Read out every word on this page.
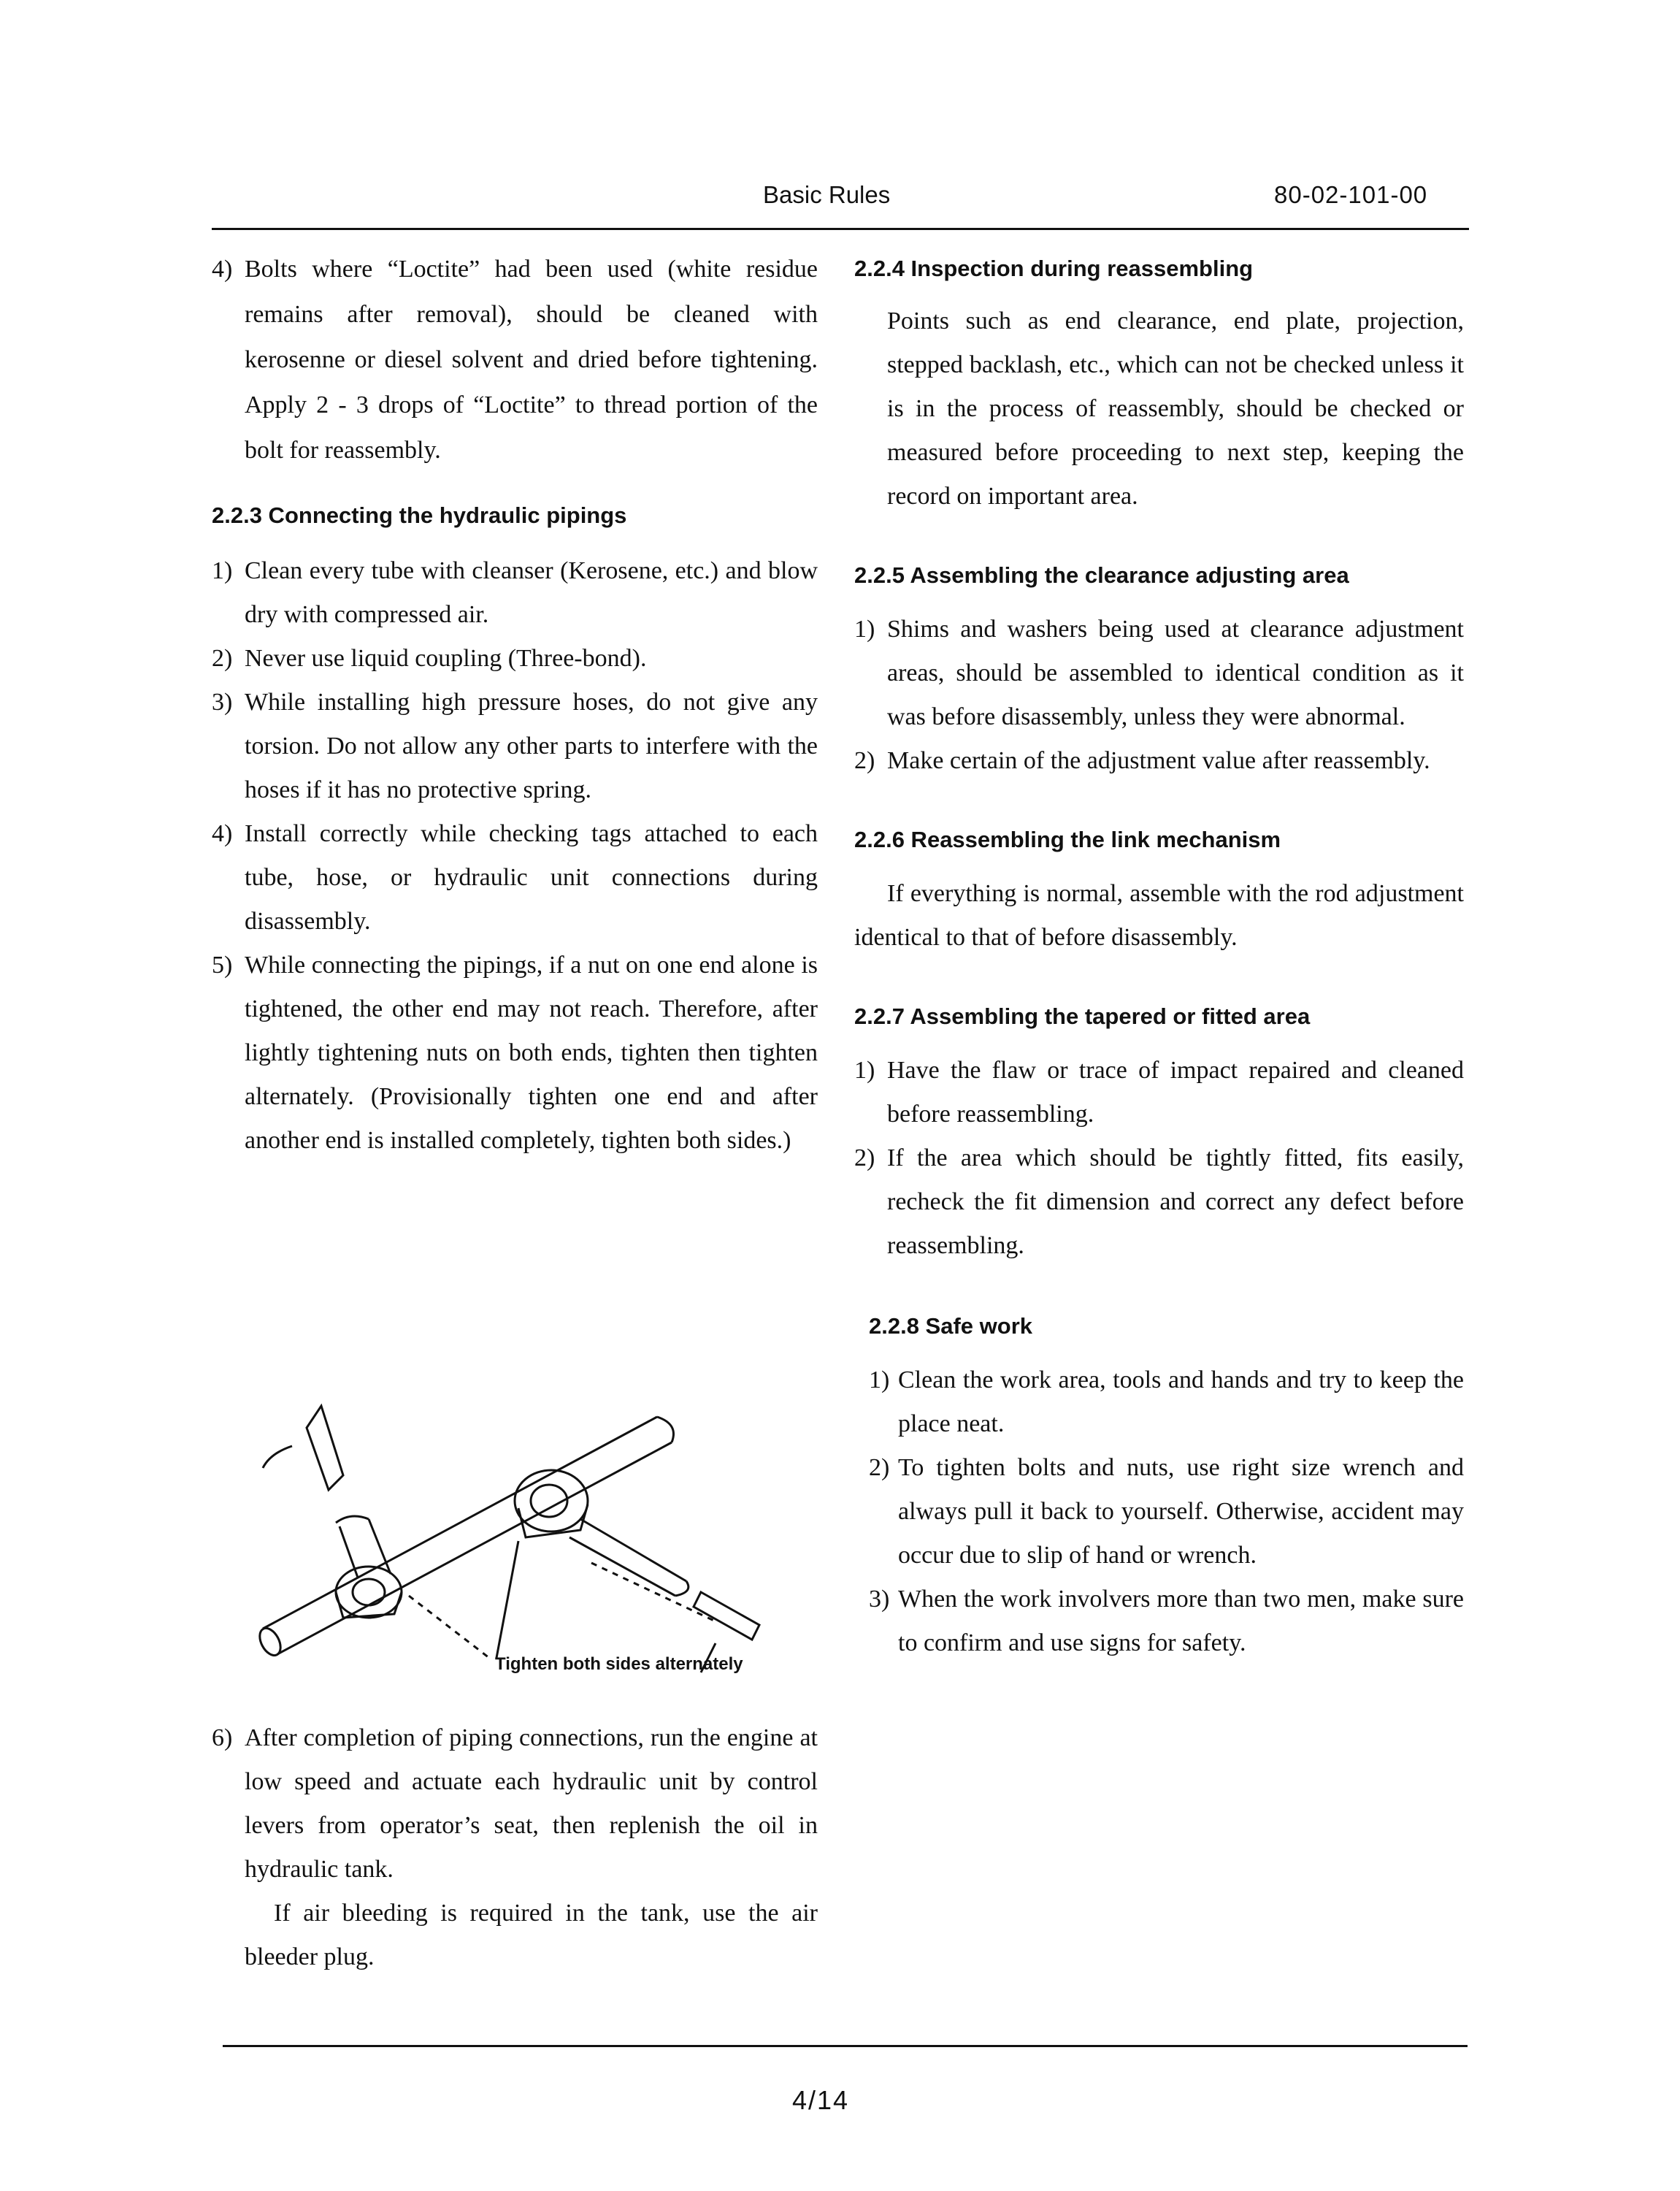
Basic Rules	80-02-101-00
4) Bolts where “Loctite” had been used (white residue remains after removal), should be cleaned with kerosenne or diesel solvent and dried before tightening. Apply 2 - 3 drops of “Loctite” to thread portion of the bolt for reassembly.
2.2.3 Connecting the hydraulic pipings
1) Clean every tube with cleanser (Kerosene, etc.) and blow dry with compressed air.
2) Never use liquid coupling (Three-bond).
3) While installing high pressure hoses, do not give any torsion. Do not allow any other parts to interfere with the hoses if it has no protective spring.
4) Install correctly while checking tags attached to each tube, hose, or hydraulic unit connections during disassembly.
5) While connecting the pipings, if a nut on one end alone is tightened, the other end may not reach. Therefore, after lightly tightening nuts on both ends, tighten then tighten alternately. (Provisionally tighten one end and after another end is installed completely, tighten both sides.)
Tighten both sides alternately
6) After completion of piping connections, run the engine at low speed and actuate each hydraulic unit by control levers from operator’s seat, then replenish the oil in hydraulic tank.
If air bleeding is required in the tank, use the air bleeder plug.
2.2.4 Inspection during reassembling
Points such as end clearance, end plate, projection, stepped backlash, etc., which can not be checked unless it is in the process of reassembly, should be checked or measured before proceeding to next step, keeping the record on important area.
2.2.5 Assembling the clearance adjusting area
1) Shims and washers being used at clearance adjustment areas, should be assembled to identical condition as it was before disassembly, unless they were abnormal.
2) Make certain of the adjustment value after reassembly.
2.2.6 Reassembling the link mechanism
If everything is normal, assemble with the rod adjustment identical to that of before disassembly.
2.2.7 Assembling the tapered or fitted area
1) Have the flaw or trace of impact repaired and cleaned before reassembling.
2) If the area which should be tightly fitted, fits easily, recheck the fit dimension and correct any defect before reassembling.
2.2.8 Safe work
1) Clean the work area, tools and hands and try to keep the place neat.
2) To tighten bolts and nuts, use right size wrench and always pull it back to yourself. Otherwise, accident may occur due to slip of hand or wrench.
3) When the work involvers more than two men, make sure to confirm and use signs for safety.
4/14
